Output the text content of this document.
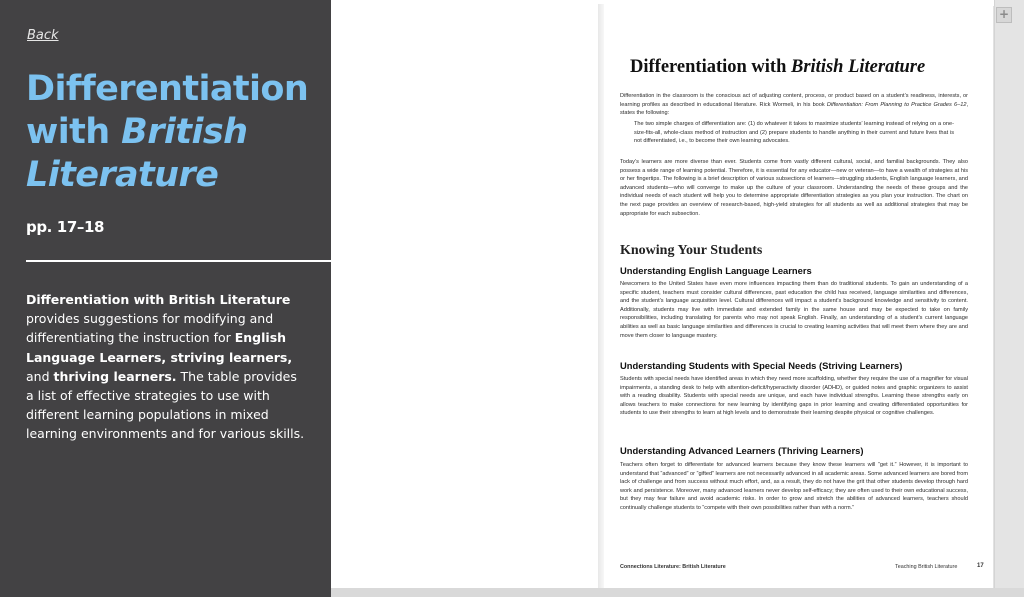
Back
Differentiation
with British
Literature
pp. 17–18

Differentiation with British Literature provides suggestions for modifying and differentiating the instruction for English Language Learners, striving learners, and thriving learners. The table provides a list of effective strategies to use with different learning populations in mixed learning environments and for various skills.

Differentiation with British Literature

Differentiation in the classroom is the conscious act of adjusting content, process, or product based on a student’s readiness, interests, or learning profiles as described in educational literature. Rick Wormeli, in his book Differentiation: From Planning to Practice Grades 6–12, states the following:

The two simple charges of differentiation are: (1) do whatever it takes to maximize students’ learning instead of relying on a one-size-fits-all, whole-class method of instruction and (2) prepare students to handle anything in their current and future lives that is not differentiated, i.e., to become their own learning advocates.

Today’s learners are more diverse than ever. Students come from vastly different cultural, social, and familial backgrounds. They also possess a wide range of learning potential. Therefore, it is essential for any educator—new or veteran—to have a wealth of strategies at his or her fingertips. The following is a brief description of various subsections of learners—struggling students, English language learners, and advanced students—who will converge to make up the culture of your classroom. Understanding the needs of these groups and the individual needs of each student will help you to determine appropriate differentiation strategies as you plan your instruction. The chart on the next page provides an overview of research-based, high-yield strategies for all students as well as additional strategies that may be appropriate for each subsection.

Knowing Your Students
Understanding English Language Learners

Newcomers to the United States have even more influences impacting them than do traditional students. To gain an understanding of a specific student, teachers must consider cultural differences, past education the child has received, language similarities and differences, and the student’s language acquisition level. Cultural differences will impact a student’s background knowledge and sensitivity to content. Additionally, students may live with immediate and extended family in the same house and may be expected to take on family responsibilities, including translating for parents who may not speak English. Finally, an understanding of a student’s current language abilities as well as basic language similarities and differences is crucial to creating learning activities that will meet them where they are and move them closer to language mastery.

Understanding Students with Special Needs (Striving Learners)

Students with special needs have identified areas in which they need more scaffolding, whether they require the use of a magnifier for visual impairments, a standing desk to help with attention-deficit/hyperactivity disorder (ADHD), or guided notes and graphic organizers to assist with a reading disability. Students with special needs are unique, and each have individual strengths. Learning these strengths early on allows teachers to make connections for new learning by identifying gaps in prior learning and creating differentiated opportunities for students to use their strengths to learn at high levels and to demonstrate their learning despite physical or cognitive challenges.

Understanding Advanced Learners (Thriving Learners)

Teachers often forget to differentiate for advanced learners because they know these learners will “get it.” However, it is important to understand that “advanced” or “gifted” learners are not necessarily advanced in all academic areas. Some advanced learners are bored from lack of challenge and from success without much effort, and, as a result, they do not have the grit that other students develop through hard work and persistence. Moreover, many advanced learners never develop self-efficacy; they are often used to their own educational success, but they may fear failure and avoid academic risks. In order to grow and stretch the abilities of advanced learners, teachers should continually challenge students to “compete with their own possibilities rather than with a norm.”

Connections Literature: British Literature	Teaching British Literature	17
+
